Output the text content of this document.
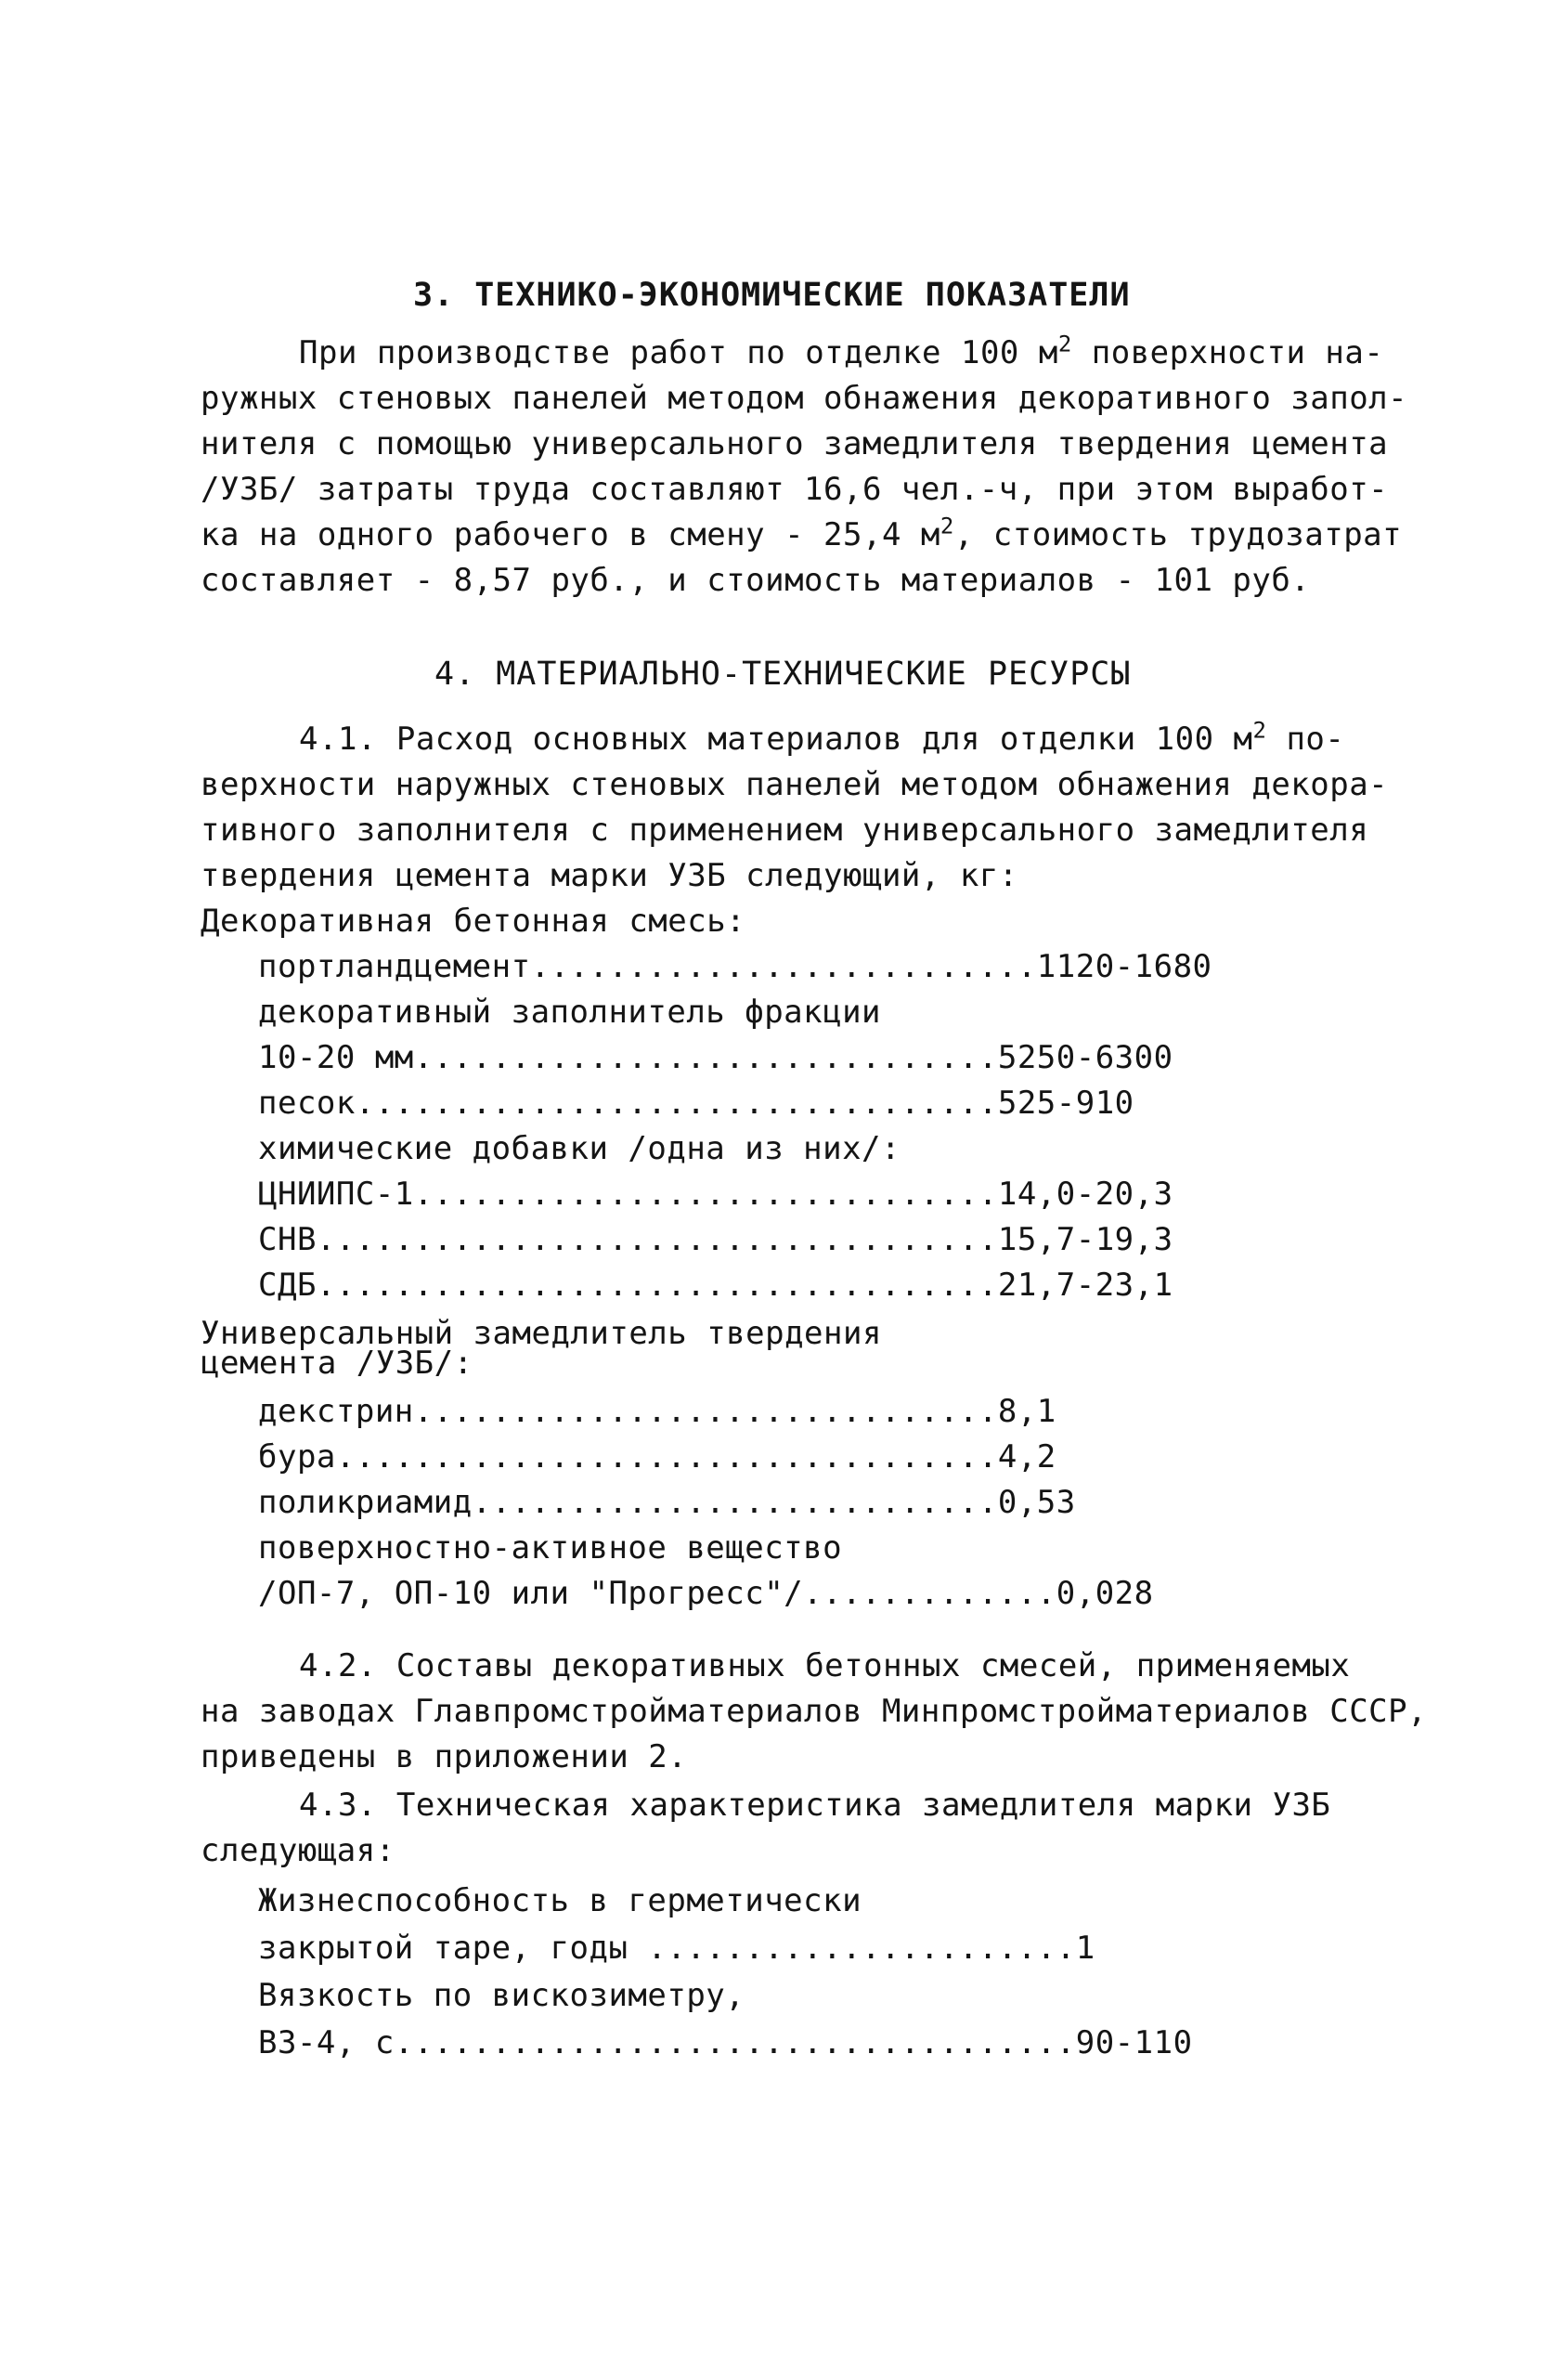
3. ТЕХНИКО-ЭКОНОМИЧЕСКИЕ ПОКАЗАТЕЛИ
При производстве работ по отделке 100 $м^2$ поверхности на-
ружных стеновых панелей методом обнажения декоративного запол-
нителя с помощью универсального замедлителя твердения цемента
/УЗБ/ затраты труда составляют 16,6 чел.-ч, при этом выработ-
ка на одного рабочего в смену - 25,4 $м^2$, стоимость трудозатрат
составляет - 8,57 руб., и стоимость материалов - 101 руб.
4. МАТЕРИАЛЬНО-ТЕХНИЧЕСКИЕ РЕСУРСЫ
4.1. Расход основных материалов для отделки 100 $м^2$ по-
верхности наружных стеновых панелей методом обнажения декора-
тивного заполнителя с применением универсального замедлителя
твердения цемента марки УЗБ следующий, кг:
Декоративная бетонная смесь:
портландцемент..........................1120-1680
декоративный заполнитель фракции
10-20 мм..............................5250-6300
песок.................................525-910
химические добавки /одна из них/:
ЦНИИПС-1..............................14,0-20,3
СНВ...................................15,7-19,3
СДБ...................................21,7-23,1
Универсальный замедлитель твердения
цемента /УЗБ/:
декстрин..............................8,1
бура..................................4,2
поликриамид...........................0,53
поверхностно-активное вещество
/ОП-7, ОП-10 или "Прогресс"/.............0,028
4.2. Составы декоративных бетонных смесей, применяемых
на заводах Главпромстройматериалов Минпромстройматериалов СССР,
приведены в приложении 2.
4.3. Техническая характеристика замедлителя марки УЗБ
следующая:
Жизнеспособность в герметически
закрытой таре, годы ......................1
Вязкость по вискозиметру,
ВЗ-4, с...................................90-110
